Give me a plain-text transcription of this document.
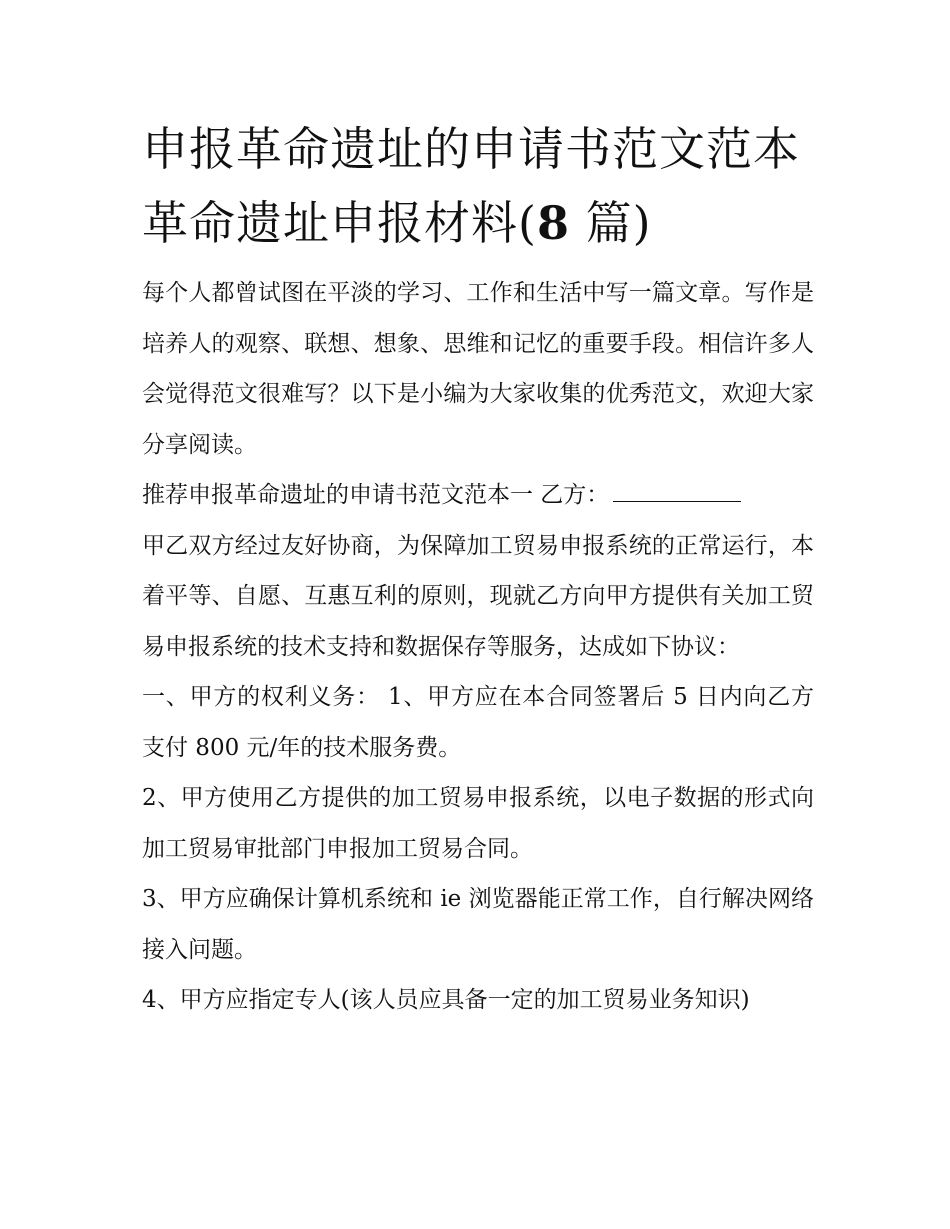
申报革命遗址的申请书范文范本 革命遗址申报材料(8 篇)

每个人都曾试图在平淡的学习、工作和生活中写一篇文章。写作是培养人的观察、联想、想象、思维和记忆的重要手段。相信许多人会觉得范文很难写？以下是小编为大家收集的优秀范文，欢迎大家分享阅读。

推荐申报革命遗址的申请书范文范本一 乙方：

甲乙双方经过友好协商，为保障加工贸易申报系统的正常运行，本着平等、自愿、互惠互利的原则，现就乙方向甲方提供有关加工贸易申报系统的技术支持和数据保存等服务，达成如下协议：

一、甲方的权利义务： 1、甲方应在本合同签署后 5 日内向乙方支付 800 元/年的技术服务费。

2、甲方使用乙方提供的加工贸易申报系统，以电子数据的形式向加工贸易审批部门申报加工贸易合同。

3、甲方应确保计算机系统和 ie 浏览器能正常工作，自行解决网络接入问题。

4、甲方应指定专人(该人员应具备一定的加工贸易业务知识)
